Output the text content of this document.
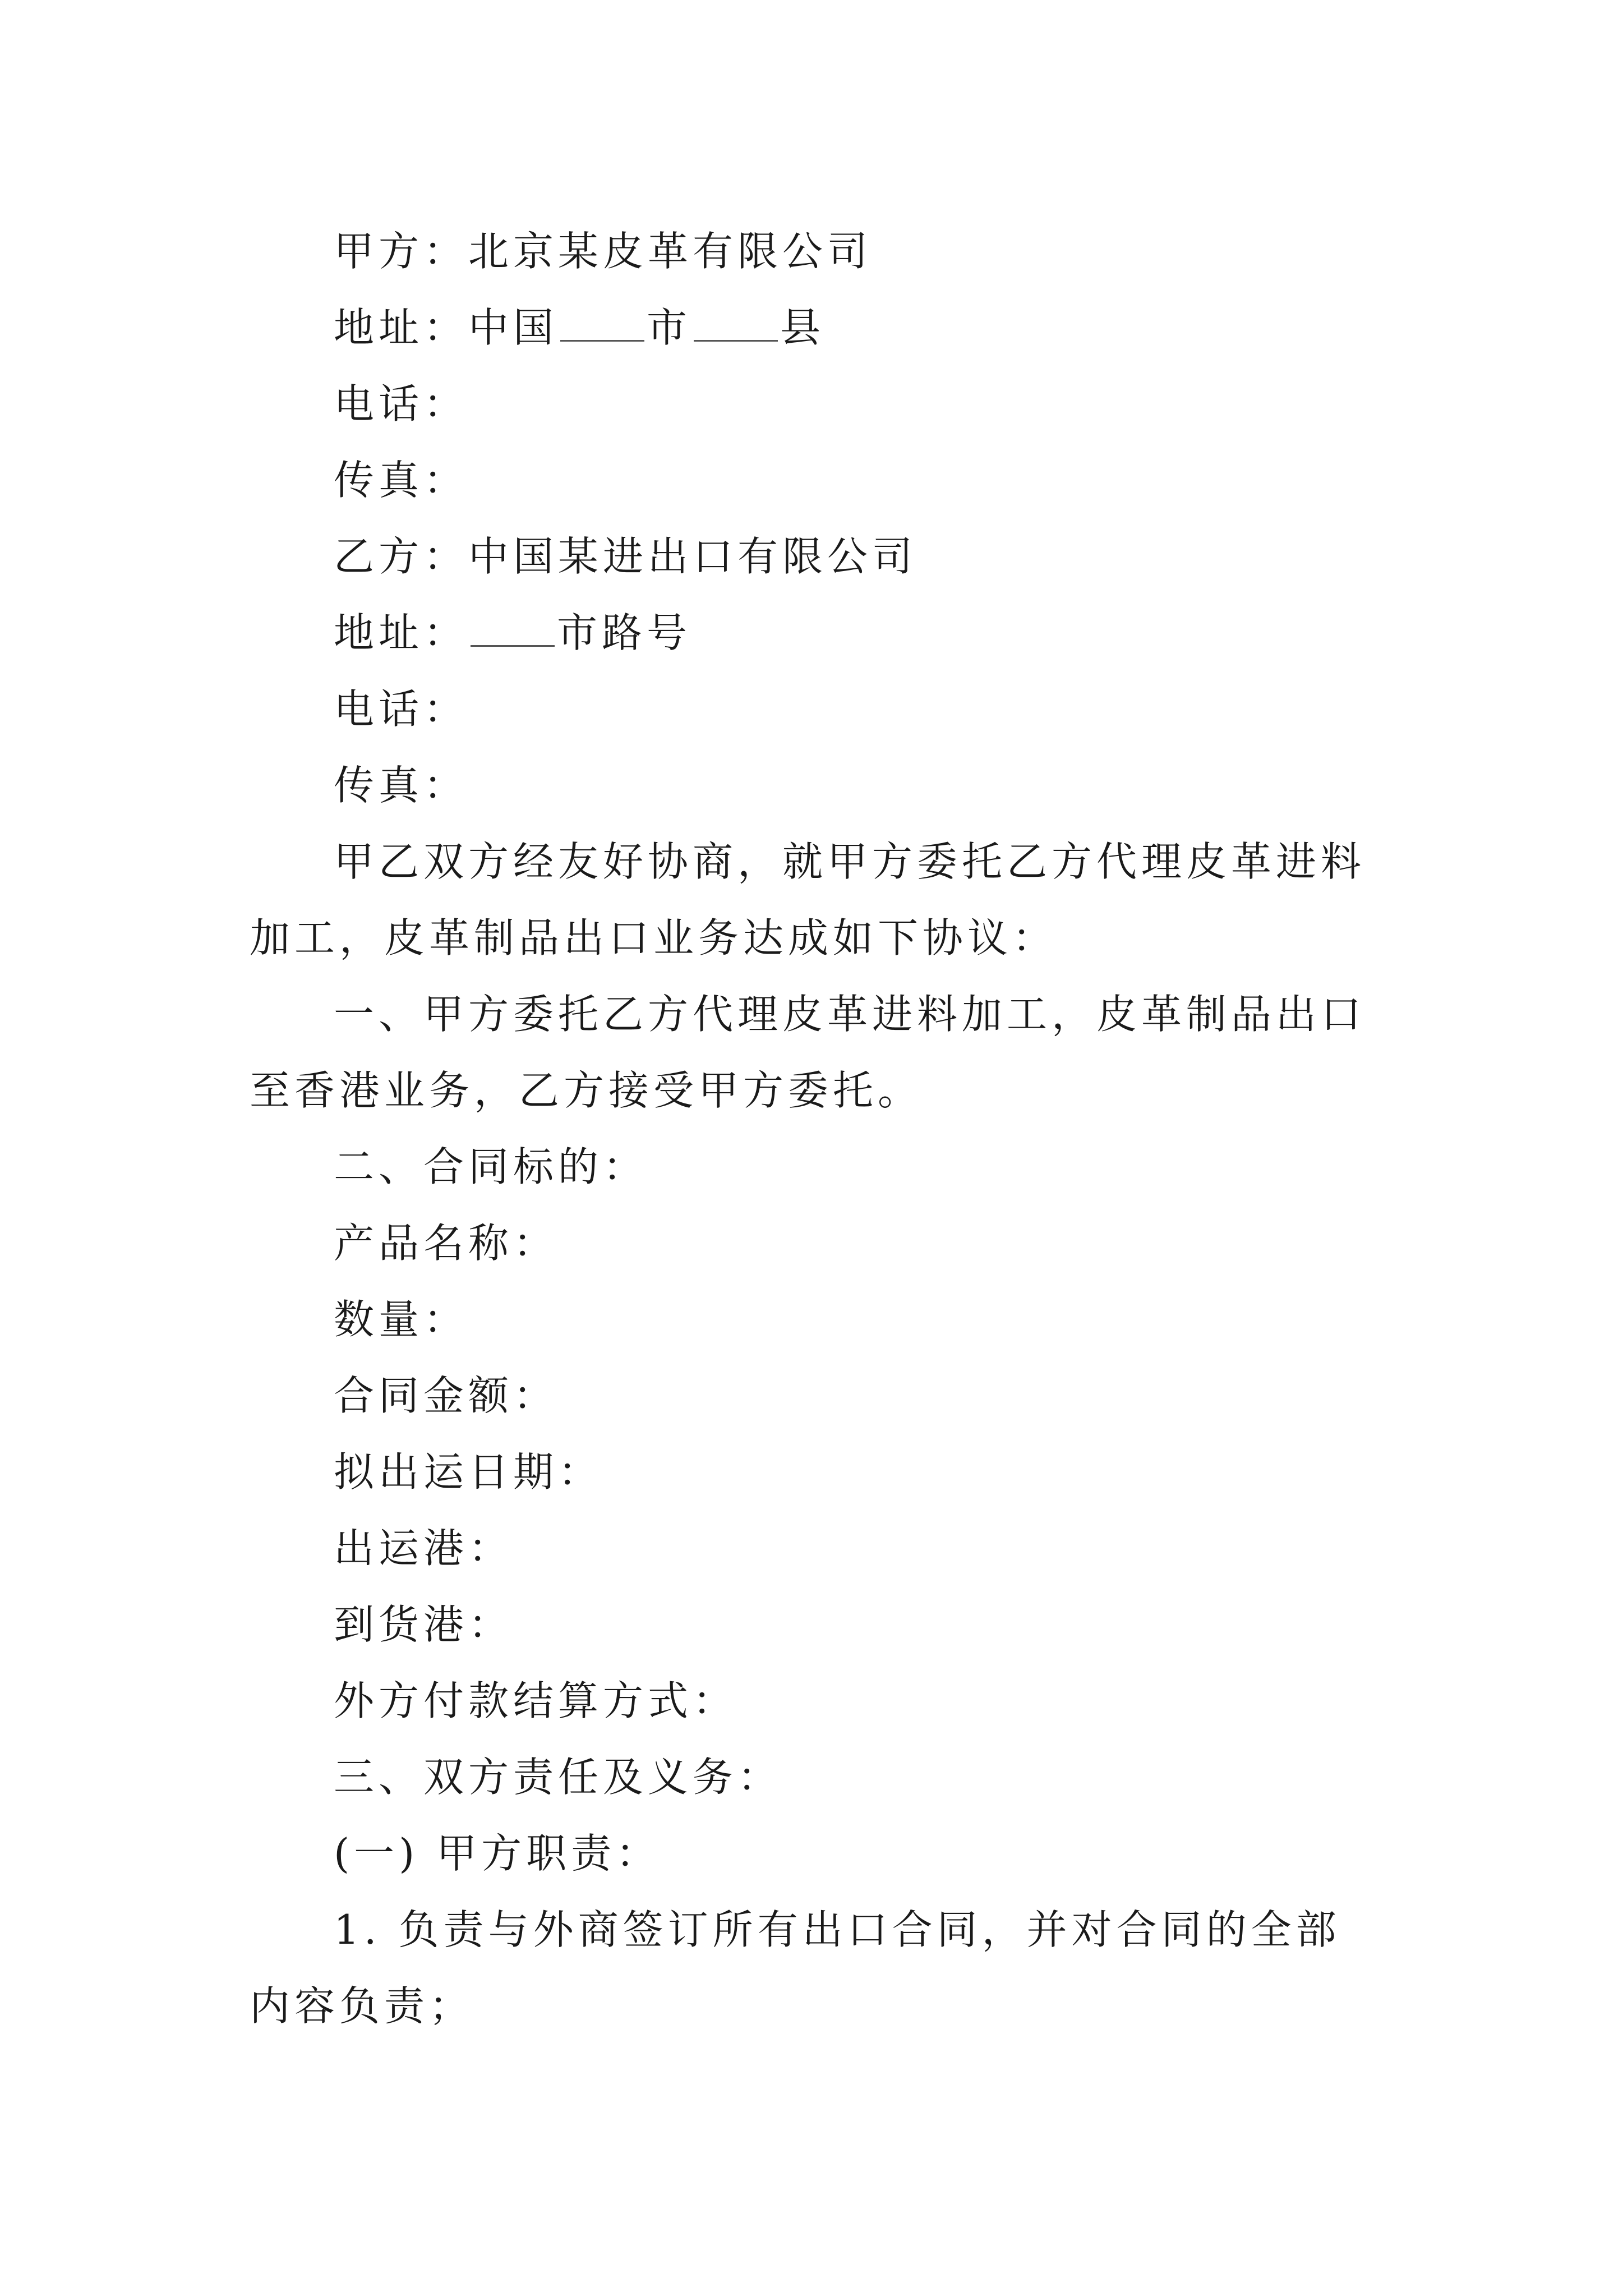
甲方：北京某皮革有限公司
地址：中国 市 县
电话：
传真：
乙方：中国某进出口有限公司
地址： 市路号
电话：
传真：
甲乙双方经友好协商，就甲方委托乙方代理皮革进料加工，皮革制品出口业务达成如下协议：
一、甲方委托乙方代理皮革进料加工，皮革制品出口至香港业务，乙方接受甲方委托。
二、合同标的：
产品名称：
数量：
合同金额：
拟出运日期：
出运港：
到货港：
外方付款结算方式：
三、双方责任及义务：
(一) 甲方职责：
1. 负责与外商签订所有出口合同，并对合同的全部内容负责；
